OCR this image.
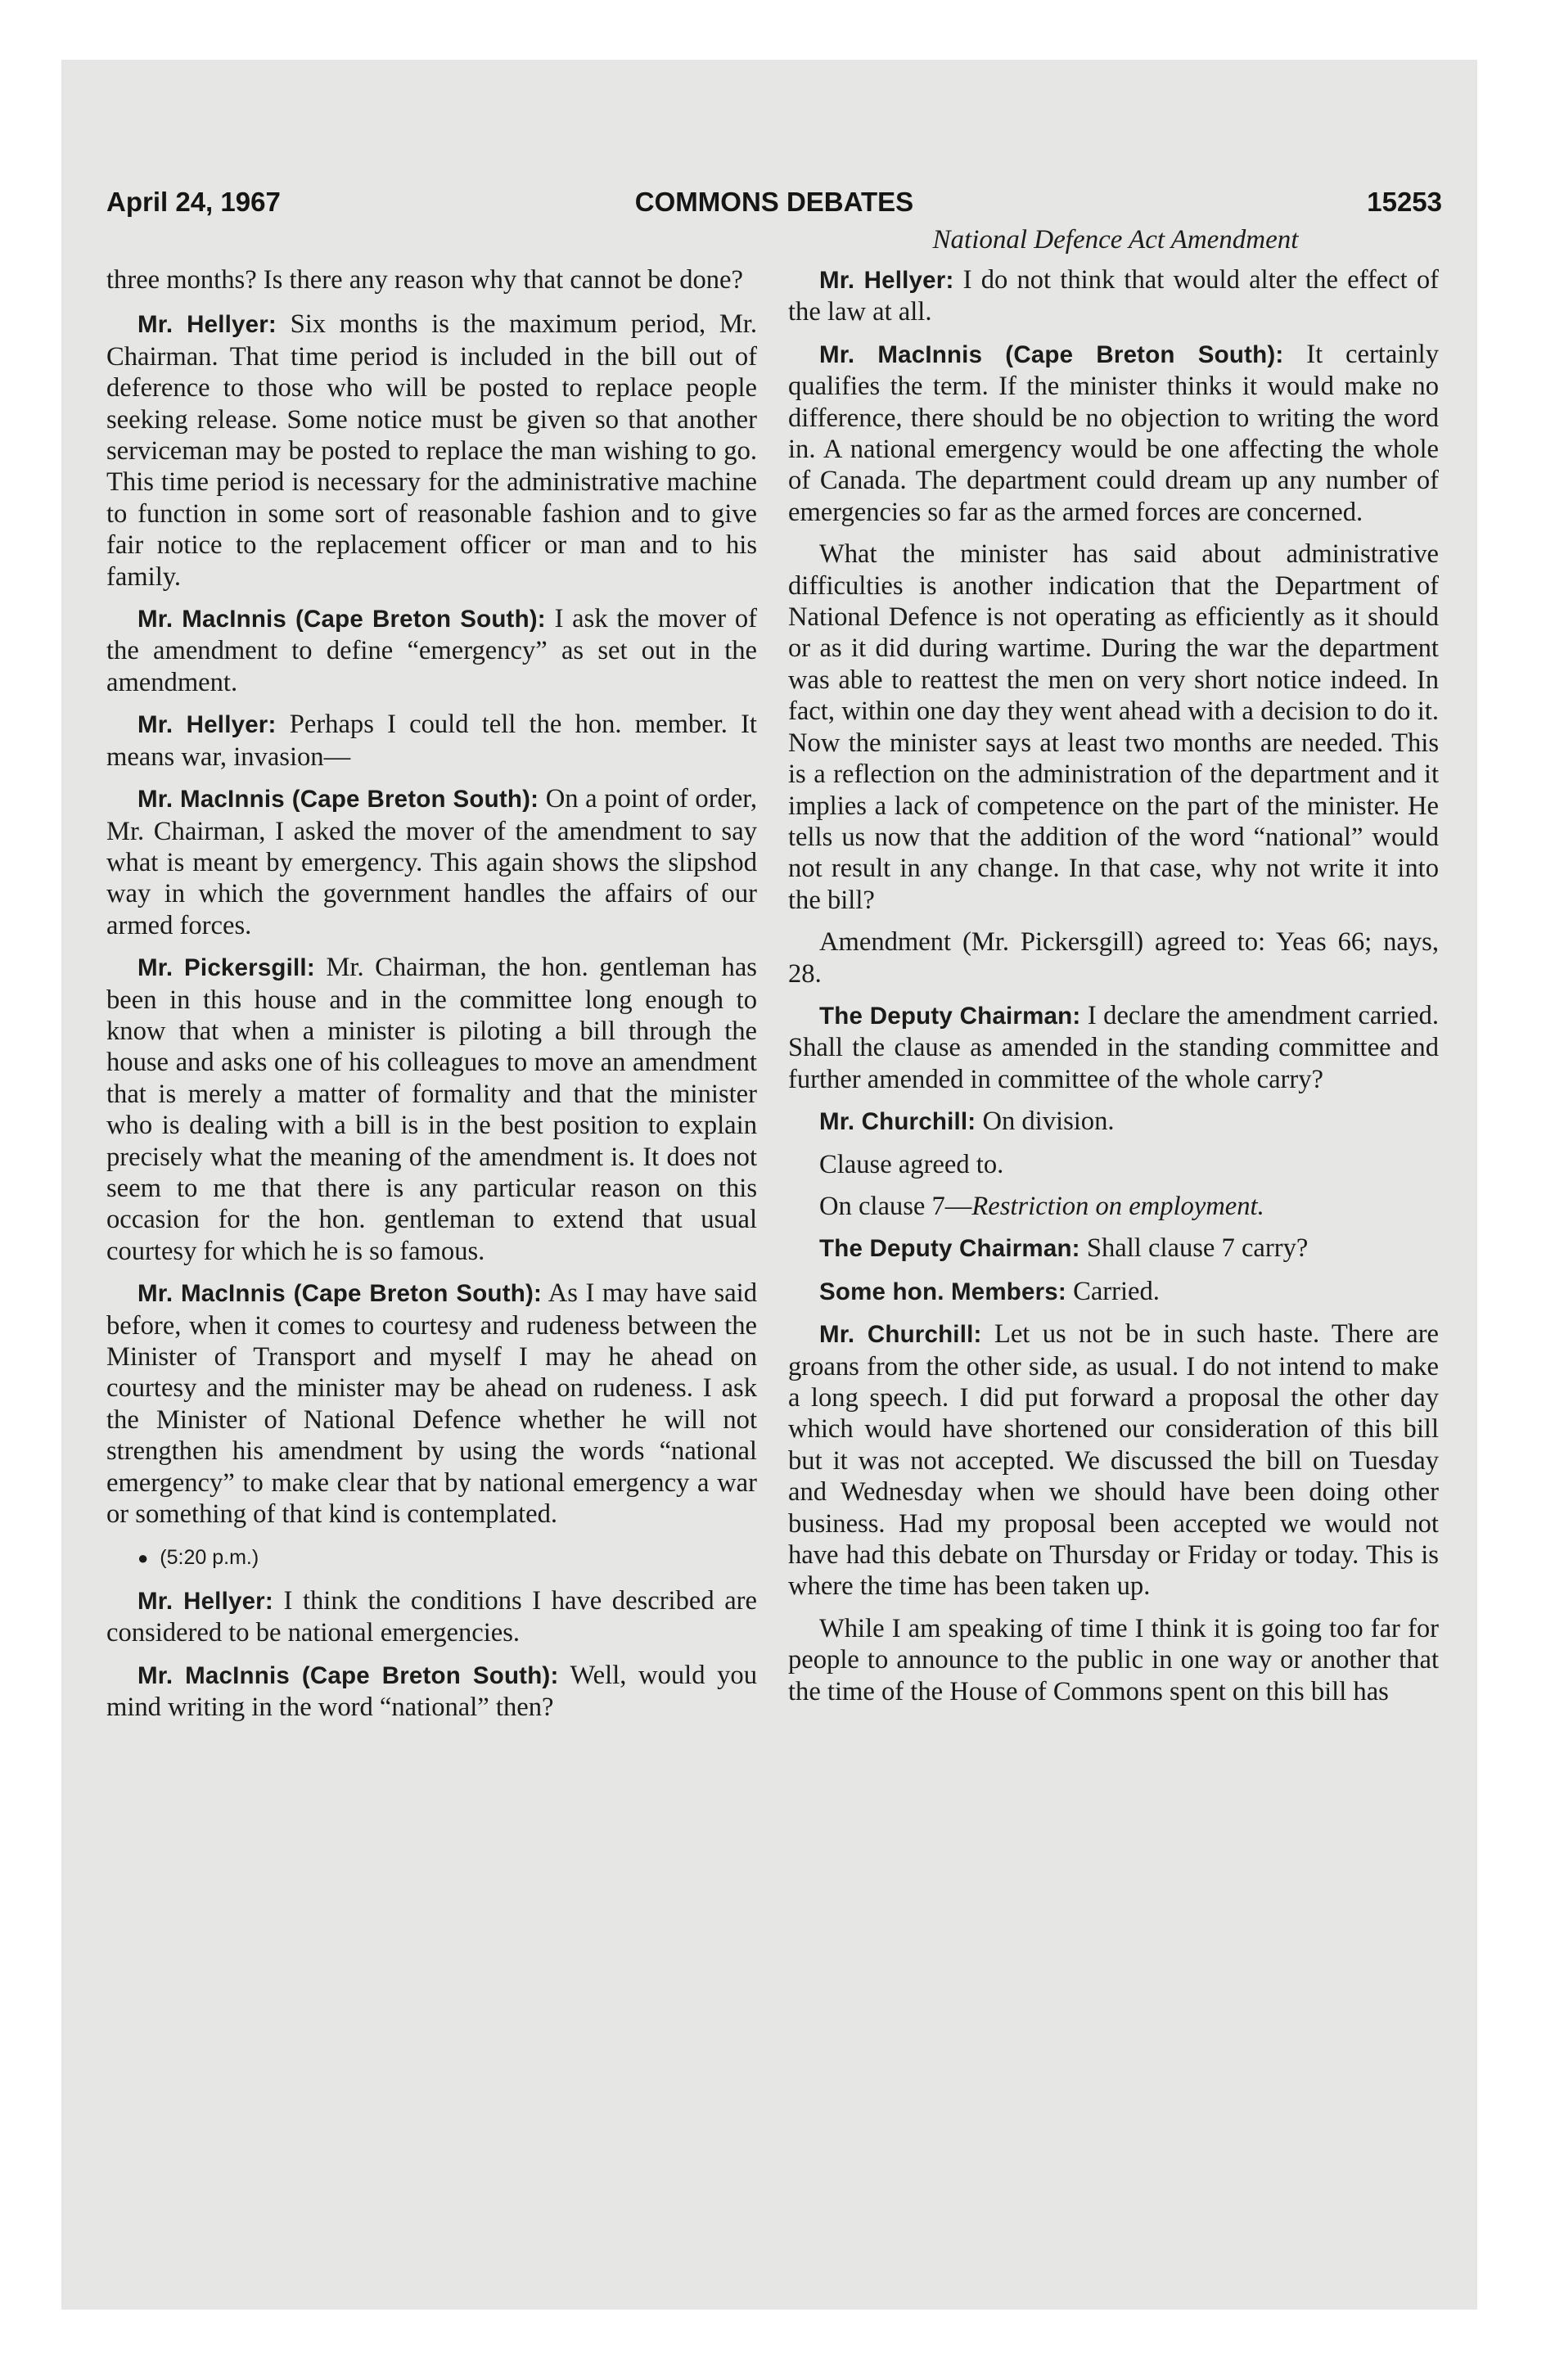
April 24, 1967	COMMONS DEBATES	15253
National Defence Act Amendment

three months? Is there any reason why that cannot be done?

Mr. Hellyer: Six months is the maximum period, Mr. Chairman. That time period is included in the bill out of deference to those who will be posted to replace people seeking release. Some notice must be given so that another serviceman may be posted to replace the man wishing to go. This time period is necessary for the administrative machine to function in some sort of reasonable fashion and to give fair notice to the replacement officer or man and to his family.

Mr. MacInnis (Cape Breton South): I ask the mover of the amendment to define “emergency” as set out in the amendment.

Mr. Hellyer: Perhaps I could tell the hon. member. It means war, invasion—

Mr. MacInnis (Cape Breton South): On a point of order, Mr. Chairman, I asked the mover of the amendment to say what is meant by emergency. This again shows the slipshod way in which the government handles the affairs of our armed forces.

Mr. Pickersgill: Mr. Chairman, the hon. gentleman has been in this house and in the committee long enough to know that when a minister is piloting a bill through the house and asks one of his colleagues to move an amendment that is merely a matter of formality and that the minister who is dealing with a bill is in the best position to explain precisely what the meaning of the amendment is. It does not seem to me that there is any particular reason on this occasion for the hon. gentleman to extend that usual courtesy for which he is so famous.

Mr. MacInnis (Cape Breton South): As I may have said before, when it comes to courtesy and rudeness between the Minister of Transport and myself I may he ahead on courtesy and the minister may be ahead on rudeness. I ask the Minister of National Defence whether he will not strengthen his amendment by using the words “national emergency” to make clear that by national emergency a war or something of that kind is contemplated.

● (5:20 p.m.)

Mr. Hellyer: I think the conditions I have described are considered to be national emergencies.

Mr. MacInnis (Cape Breton South): Well, would you mind writing in the word “national” then?

Mr. Hellyer: I do not think that would alter the effect of the law at all.

Mr. MacInnis (Cape Breton South): It certainly qualifies the term. If the minister thinks it would make no difference, there should be no objection to writing the word in. A national emergency would be one affecting the whole of Canada. The department could dream up any number of emergencies so far as the armed forces are concerned.

What the minister has said about administrative difficulties is another indication that the Department of National Defence is not operating as efficiently as it should or as it did during wartime. During the war the department was able to reattest the men on very short notice indeed. In fact, within one day they went ahead with a decision to do it. Now the minister says at least two months are needed. This is a reflection on the administration of the department and it implies a lack of competence on the part of the minister. He tells us now that the addition of the word “national” would not result in any change. In that case, why not write it into the bill?

Amendment (Mr. Pickersgill) agreed to: Yeas 66; nays, 28.

The Deputy Chairman: I declare the amendment carried. Shall the clause as amended in the standing committee and further amended in committee of the whole carry?

Mr. Churchill: On division.

Clause agreed to.

On clause 7—Restriction on employment.

The Deputy Chairman: Shall clause 7 carry?

Some hon. Members: Carried.

Mr. Churchill: Let us not be in such haste. There are groans from the other side, as usual. I do not intend to make a long speech. I did put forward a proposal the other day which would have shortened our consideration of this bill but it was not accepted. We discussed the bill on Tuesday and Wednesday when we should have been doing other business. Had my proposal been accepted we would not have had this debate on Thursday or Friday or today. This is where the time has been taken up.

While I am speaking of time I think it is going too far for people to announce to the public in one way or another that the time of the House of Commons spent on this bill has
